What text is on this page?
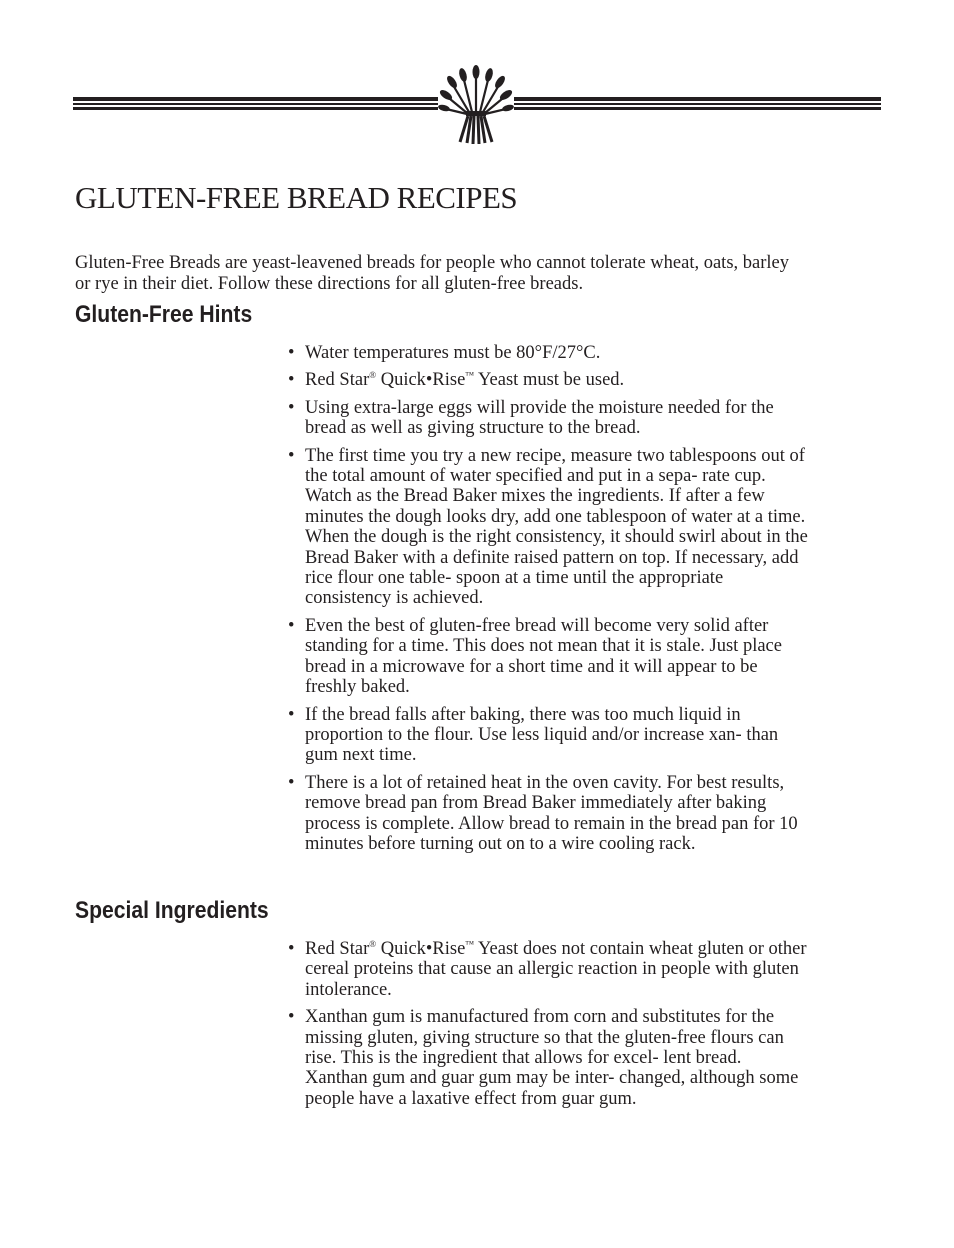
GLUTEN-FREE BREAD RECIPES

Gluten-Free Breads are yeast-leavened breads for people who cannot tolerate wheat, oats, barley or rye in their diet. Follow these directions for all gluten-free breads.

Gluten-Free Hints
• Water temperatures must be 80°F/27°C.
• Red Star® Quick•Rise™ Yeast must be used.
• Using extra-large eggs will provide the moisture needed for the bread as well as giving structure to the bread.
• The first time you try a new recipe, measure two tablespoons out of the total amount of water specified and put in a sepa- rate cup. Watch as the Bread Baker mixes the ingredients. If after a few minutes the dough looks dry, add one tablespoon of water at a time. When the dough is the right consistency, it should swirl about in the Bread Baker with a definite raised pattern on top. If necessary, add rice flour one table- spoon at a time until the appropriate consistency is achieved.
• Even the best of gluten-free bread will become very solid after standing for a time. This does not mean that it is stale. Just place bread in a microwave for a short time and it will appear to be freshly baked.
• If the bread falls after baking, there was too much liquid in proportion to the flour. Use less liquid and/or increase xan- than gum next time.
• There is a lot of retained heat in the oven cavity. For best results, remove bread pan from Bread Baker immediately after baking process is complete. Allow bread to remain in the bread pan for 10 minutes before turning out on to a wire cooling rack.
Special Ingredients
• Red Star® Quick•Rise™ Yeast does not contain wheat gluten or other cereal proteins that cause an allergic reaction in people with gluten intolerance.
• Xanthan gum is manufactured from corn and substitutes for the missing gluten, giving structure so that the gluten-free flours can rise. This is the ingredient that allows for excel- lent bread. Xanthan gum and guar gum may be inter- changed, although some people have a laxative effect from guar gum.
